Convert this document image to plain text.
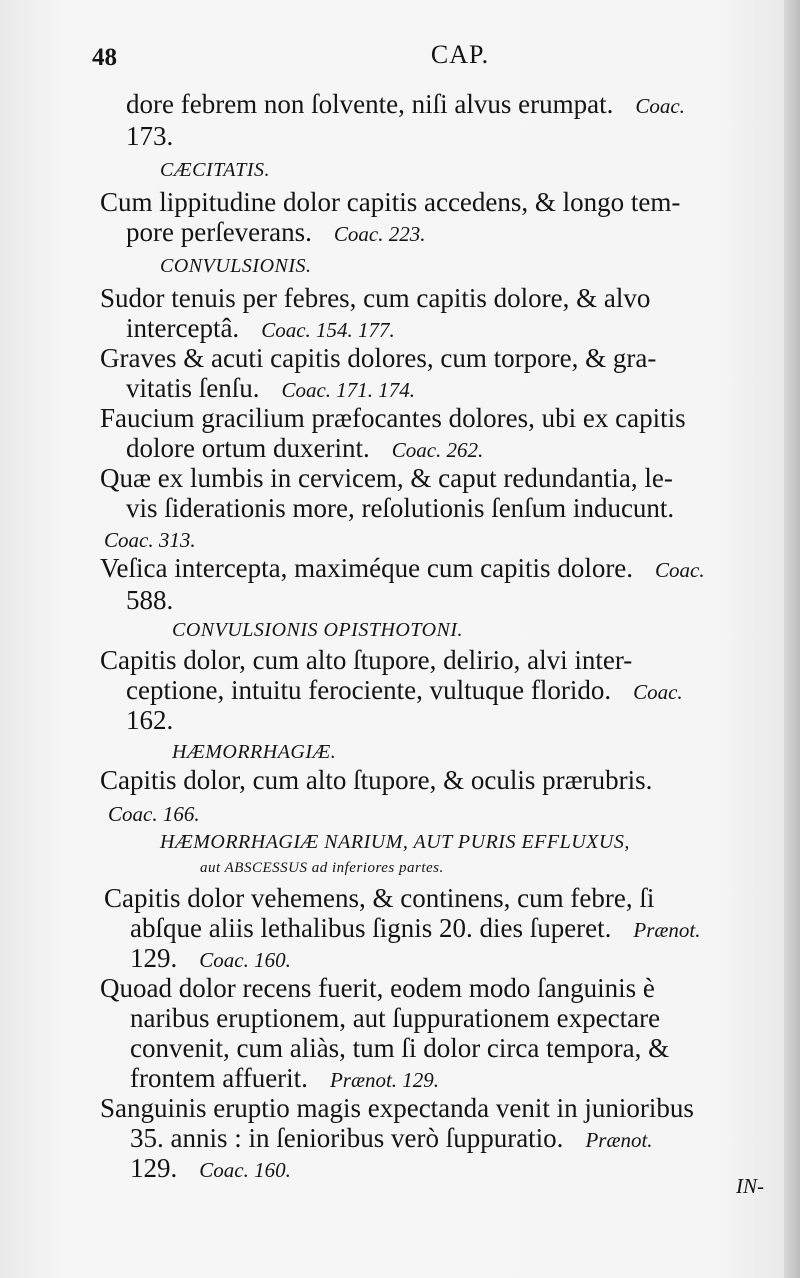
48	CAP.
dore febrem non ſolvente, niſi alvus erumpat. Coac.
173.
CÆCITATIS.
Cum lippitudine dolor capitis accedens, & longo tem-
pore perſeverans. Coac. 223.
CONVULSIONIS.
Sudor tenuis per febres, cum capitis dolore, & alvo
interceptâ. Coac. 154. 177.
Graves & acuti capitis dolores, cum torpore, & gra-
vitatis ſenſu. Coac. 171. 174.
Faucium gracilium præfocantes dolores, ubi ex capitis
dolore ortum duxerint. Coac. 262.
Quæ ex lumbis in cervicem, & caput redundantia, le-
vis ſiderationis more, reſolutionis ſenſum inducunt.
Coac. 313.
Veſica intercepta, maximéque cum capitis dolore. Coac.
588.
CONVULSIONIS OPISTHOTONI.
Capitis dolor, cum alto ſtupore, delirio, alvi inter-
ceptione, intuitu ferociente, vultuque florido. Coac.
162.
HÆMORRHAGIÆ.
Capitis dolor, cum alto ſtupore, & oculis prærubris.
Coac. 166.
HÆMORRHAGIÆ NARIUM, AUT PURIS EFFLUXUS,
aut ABSCESSUS ad inferiores partes.
Capitis dolor vehemens, & continens, cum febre, ſi
abſque aliis lethalibus ſignis 20. dies ſuperet. Prænot.
129. Coac. 160.
Quoad dolor recens fuerit, eodem modo ſanguinis è
naribus eruptionem, aut ſuppurationem expectare
convenit, cum aliàs, tum ſi dolor circa tempora, &
frontem affuerit. Prænot. 129.
Sanguinis eruptio magis expectanda venit in junioribus
35. annis : in ſenioribus verò ſuppuratio. Prænot.
129. Coac. 160.
IN-
